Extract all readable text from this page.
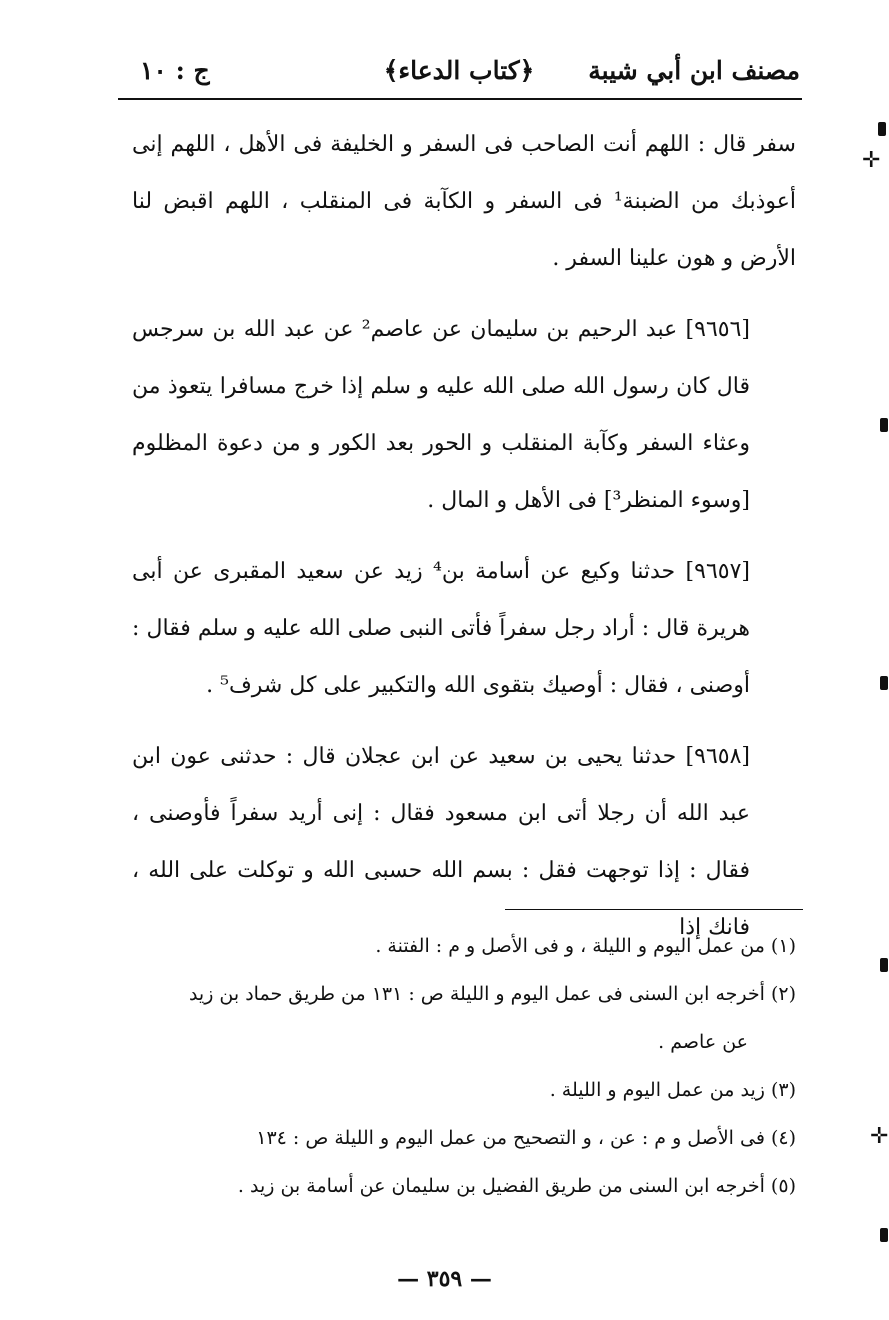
مصنف ابن أبي شيبة
﴿كتاب الدعاء﴾
ج : ١٠

سفر قال : اللهم أنت الصاحب فى السفر و الخليفة فى الأهل ، اللهم إنى أعوذبك من الضبنة¹ فى السفر و الكآبة فى المنقلب ، اللهم اقبض لنا الأرض و هون علينا السفر .

[٩٦٥٦] عبد الرحيم بن سليمان عن عاصم² عن عبد الله بن سرجس قال كان رسول الله صلى الله عليه و سلم إذا خرج مسافرا يتعوذ من وعثاء السفر وكآبة المنقلب و الحور بعد الكور و من دعوة المظلوم [وسوء المنظر³] فى الأهل و المال .

[٩٦٥٧] حدثنا وكيع عن أسامة بن⁴ زيد عن سعيد المقبرى عن أبى هريرة قال : أراد رجل سفراً فأتى النبى صلى الله عليه و سلم فقال : أوصنى ، فقال : أوصيك بتقوى الله والتكبير على كل شرف⁵ .

[٩٦٥٨] حدثنا يحيى بن سعيد عن ابن عجلان قال : حدثنى عون ابن عبد الله أن رجلا أتى ابن مسعود فقال : إنى أريد سفراً فأوصنى ، فقال : إذا توجهت فقل : بسم الله حسبى الله و توكلت على الله ، فانك إذا

(١) من عمل اليوم و الليلة ، و فى الأصل و م : الفتنة .

(٢) أخرجه ابن السنى فى عمل اليوم و الليلة ص : ١٣١ من طريق حماد بن زيد

عن عاصم .

(٣) زيد من عمل اليوم و الليلة .

(٤) فى الأصل و م : عن ، و التصحيح من عمل اليوم و الليلة ص : ١٣٤

(٥) أخرجه ابن السنى من طريق الفضيل بن سليمان عن أسامة بن زيد .

— ٣٥٩ —
✛
✛
